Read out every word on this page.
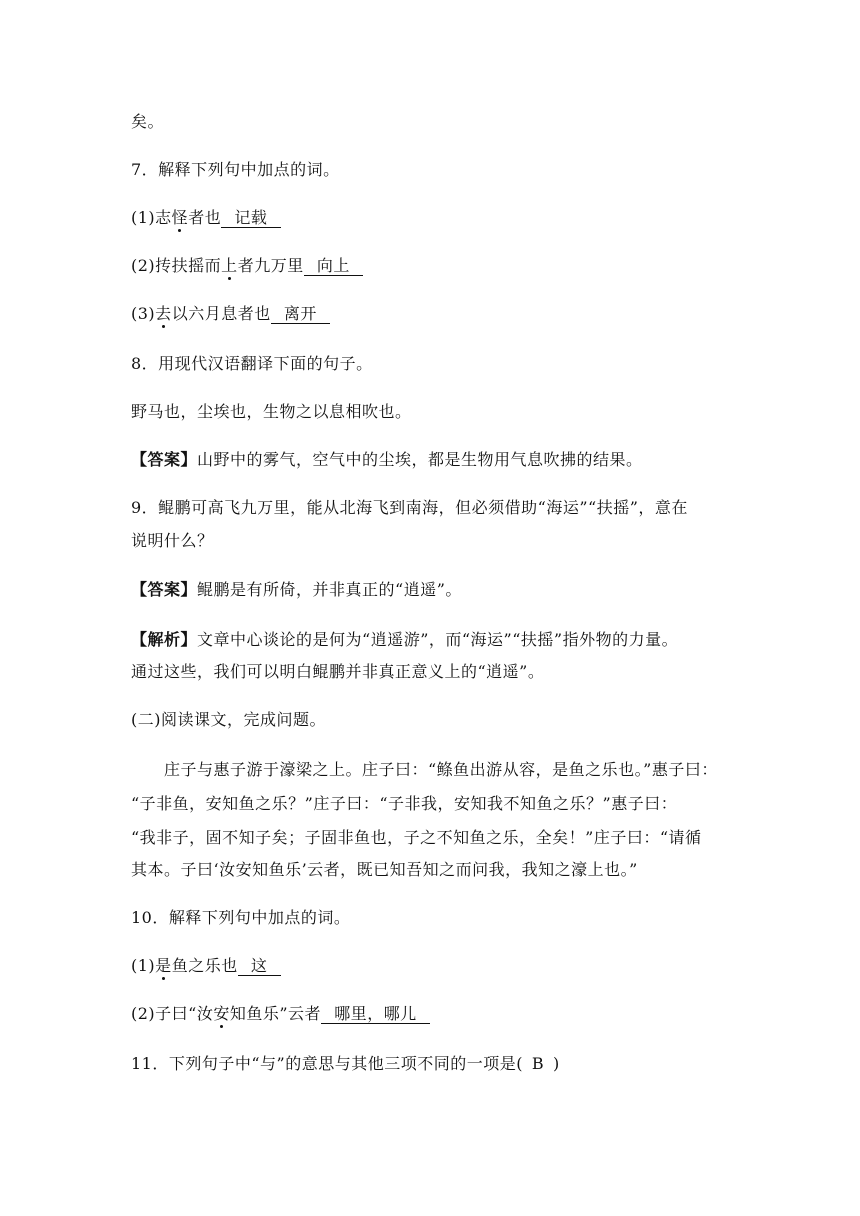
矣。
7．解释下列句中加点的词。
(1)志怪者也 记载
(2)抟扶摇而上者九万里 向上
(3)去以六月息者也 离开
8．用现代汉语翻译下面的句子。
野马也，尘埃也，生物之以息相吹也。
【答案】山野中的雾气，空气中的尘埃，都是生物用气息吹拂的结果。
9．鲲鹏可高飞九万里，能从北海飞到南海，但必须借助“海运”“扶摇”，意在
说明什么？
【答案】鲲鹏是有所倚，并非真正的“逍遥”。
【解析】文章中心谈论的是何为“逍遥游”，而“海运”“扶摇”指外物的力量。
通过这些，我们可以明白鲲鹏并非真正意义上的“逍遥”。
(二)阅读课文，完成问题。
庄子与惠子游于濠梁之上。庄子曰：“鲦鱼出游从容，是鱼之乐也。”惠子曰：
“子非鱼，安知鱼之乐？”庄子曰：“子非我，安知我不知鱼之乐？”惠子曰：
“我非子，固不知子矣；子固非鱼也，子之不知鱼之乐，全矣！”庄子曰：“请循
其本。子曰‘汝安知鱼乐’云者，既已知吾知之而问我，我知之濠上也。”
10．解释下列句中加点的词。
(1)是鱼之乐也 这
(2)子曰“汝安知鱼乐”云者 哪里，哪儿
11．下列句子中“与”的意思与其他三项不同的一项是( B )
